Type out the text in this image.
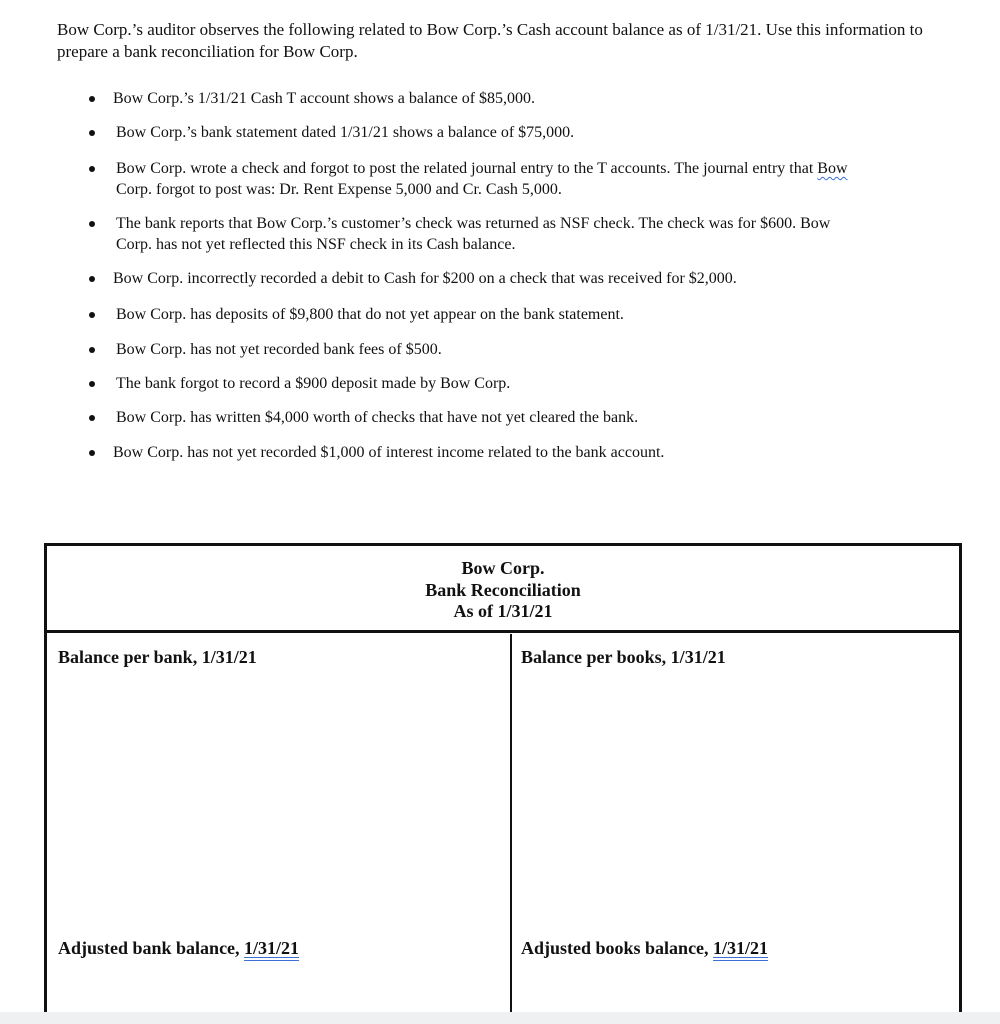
Bow Corp.’s auditor observes the following related to Bow Corp.’s Cash account balance as of 1/31/21. Use this information to prepare a bank reconciliation for Bow Corp.

Bow Corp.’s 1/31/21 Cash T account shows a balance of $85,000.
Bow Corp.’s bank statement dated 1/31/21 shows a balance of $75,000.
Bow Corp. wrote a check and forgot to post the related journal entry to the T accounts. The journal entry that Bow
Corp. forgot to post was: Dr. Rent Expense 5,000 and Cr. Cash 5,000.
The bank reports that Bow Corp.’s customer’s check was returned as NSF check. The check was for $600. Bow
Corp. has not yet reflected this NSF check in its Cash balance.
Bow Corp. incorrectly recorded a debit to Cash for $200 on a check that was received for $2,000.
Bow Corp. has deposits of $9,800 that do not yet appear on the bank statement.
Bow Corp. has not yet recorded bank fees of $500.
The bank forgot to record a $900 deposit made by Bow Corp.
Bow Corp. has written $4,000 worth of checks that have not yet cleared the bank.
Bow Corp. has not yet recorded $1,000 of interest income related to the bank account.
Bow Corp.
Bank Reconciliation
As of 1/31/21
Balance per bank, 1/31/21	Balance per books, 1/31/21
Adjusted bank balance, 1/31/21	Adjusted books balance, 1/31/21
